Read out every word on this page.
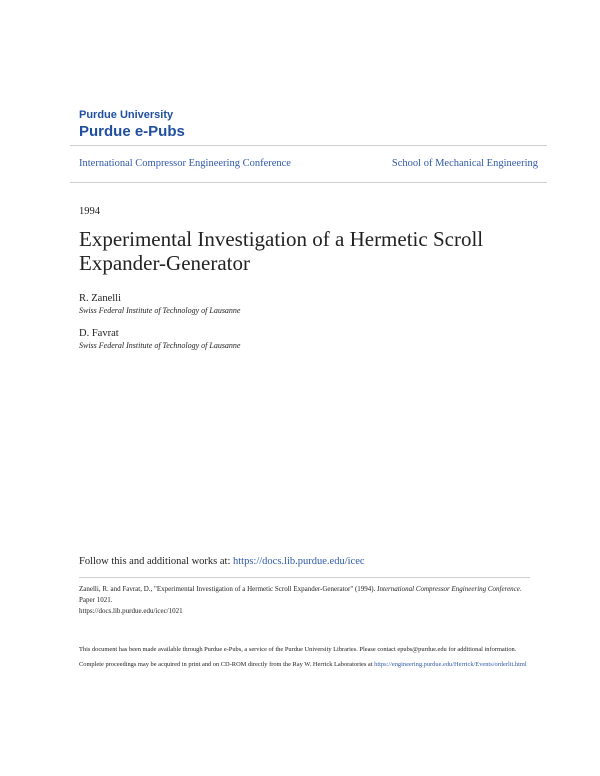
Purdue University
Purdue e-Pubs
International Compressor Engineering Conference	School of Mechanical Engineering
1994
Experimental Investigation of a Hermetic Scroll Expander-Generator
R. Zanelli
Swiss Federal Institute of Technology of Lausanne
D. Favrat
Swiss Federal Institute of Technology of Lausanne
Follow this and additional works at: https://docs.lib.purdue.edu/icec
Zanelli, R. and Favrat, D., "Experimental Investigation of a Hermetic Scroll Expander-Generator" (1994). International Compressor Engineering Conference. Paper 1021.
https://docs.lib.purdue.edu/icec/1021

This document has been made available through Purdue e-Pubs, a service of the Purdue University Libraries. Please contact epubs@purdue.edu for additional information.

Complete proceedings may be acquired in print and on CD-ROM directly from the Ray W. Herrick Laboratories at https://engineering.purdue.edu/Herrick/Events/orderlit.html
